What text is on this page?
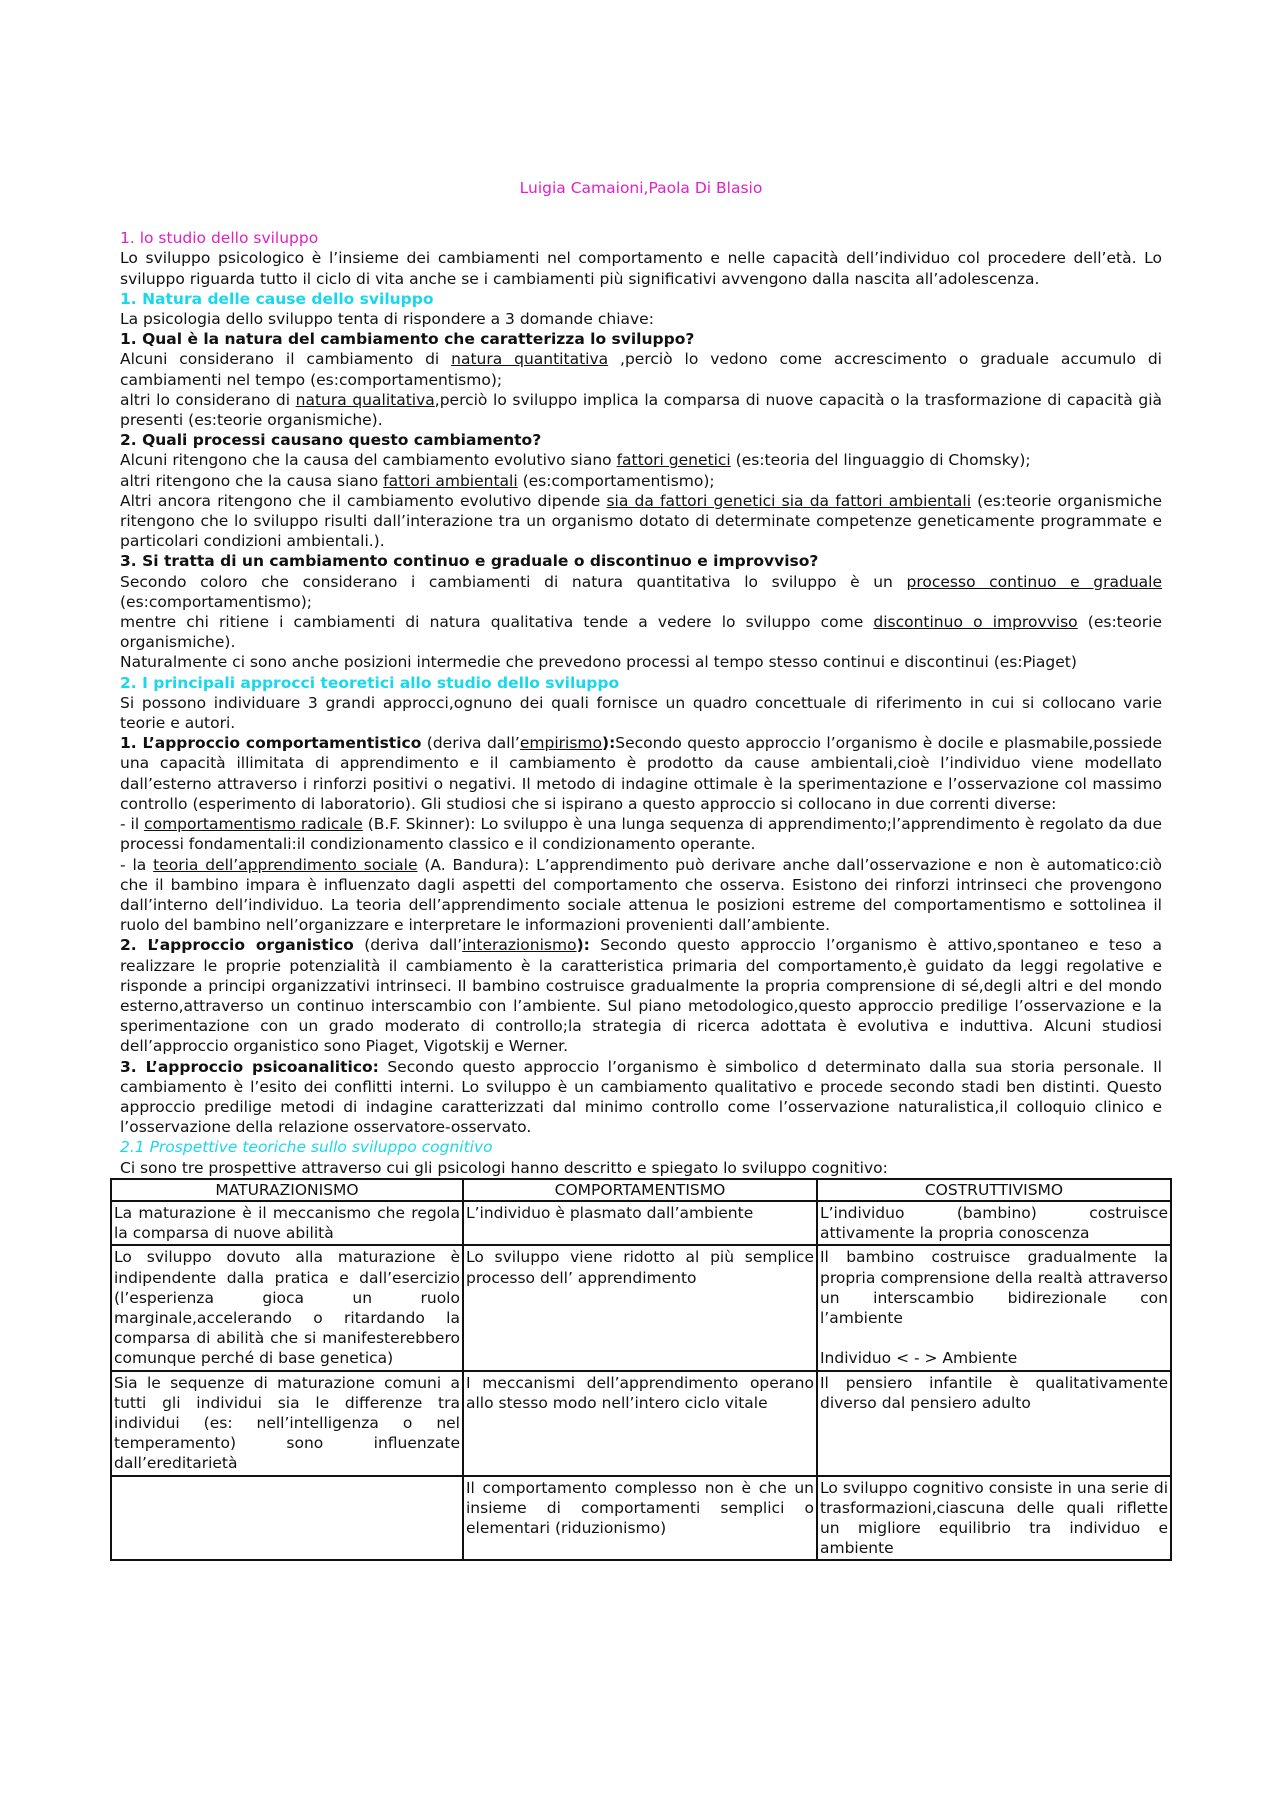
Luigia Camaioni,Paola Di Blasio
1. lo studio dello sviluppo

Lo sviluppo psicologico è l’insieme dei cambiamenti nel comportamento e nelle capacità dell’individuo col procedere dell’età. Lo sviluppo riguarda tutto il ciclo di vita anche se i cambiamenti più significativi avvengono dalla nascita all’adolescenza.

1. Natura delle cause dello sviluppo

La psicologia dello sviluppo tenta di rispondere a 3 domande chiave:

1. Qual è la natura del cambiamento che caratterizza lo sviluppo?

Alcuni considerano il cambiamento di natura quantitativa ,perciò lo vedono come accrescimento o graduale accumulo di cambiamenti nel tempo (es:comportamentismo);

altri lo considerano di natura qualitativa,perciò lo sviluppo implica la comparsa di nuove capacità o la trasformazione di capacità già presenti (es:teorie organismiche).

2. Quali processi causano questo cambiamento?

Alcuni ritengono che la causa del cambiamento evolutivo siano fattori genetici (es:teoria del linguaggio di Chomsky);

altri ritengono che la causa siano fattori ambientali (es:comportamentismo);

Altri ancora ritengono che il cambiamento evolutivo dipende sia da fattori genetici sia da fattori ambientali (es:teorie organismiche ritengono che lo sviluppo risulti dall’interazione tra un organismo dotato di determinate competenze geneticamente programmate e particolari condizioni ambientali.).

3. Si tratta di un cambiamento continuo e graduale o discontinuo e improvviso?

Secondo coloro che considerano i cambiamenti di natura quantitativa lo sviluppo è un processo continuo e graduale (es:comportamentismo);

mentre chi ritiene i cambiamenti di natura qualitativa tende a vedere lo sviluppo come discontinuo o improvviso (es:teorie organismiche).

Naturalmente ci sono anche posizioni intermedie che prevedono processi al tempo stesso continui e discontinui (es:Piaget)

2. I principali approcci teoretici allo studio dello sviluppo

Si possono individuare 3 grandi approcci,ognuno dei quali fornisce un quadro concettuale di riferimento in cui si collocano varie teorie e autori.

1. L’approccio comportamentistico (deriva dall’empirismo):Secondo questo approccio l’organismo è docile e plasmabile,possiede una capacità illimitata di apprendimento e il cambiamento è prodotto da cause ambientali,cioè l’individuo viene modellato dall’esterno attraverso i rinforzi positivi o negativi. Il metodo di indagine ottimale è la sperimentazione e l’osservazione col massimo controllo (esperimento di laboratorio). Gli studiosi che si ispirano a questo approccio si collocano in due correnti diverse:

- il comportamentismo radicale (B.F. Skinner): Lo sviluppo è una lunga sequenza di apprendimento;l’apprendimento è regolato da due processi fondamentali:il condizionamento classico e il condizionamento operante.

- la teoria dell’apprendimento sociale (A. Bandura): L’apprendimento può derivare anche dall’osservazione e non è automatico:ciò che il bambino impara è influenzato dagli aspetti del comportamento che osserva. Esistono dei rinforzi intrinseci che provengono dall’interno dell’individuo. La teoria dell’apprendimento sociale attenua le posizioni estreme del comportamentismo e sottolinea il ruolo del bambino nell’organizzare e interpretare le informazioni provenienti dall’ambiente.

2. L’approccio organistico (deriva dall’interazionismo): Secondo questo approccio l’organismo è attivo,spontaneo e teso a realizzare le proprie potenzialità il cambiamento è la caratteristica primaria del comportamento,è guidato da leggi regolative e risponde a principi organizzativi intrinseci. Il bambino costruisce gradualmente la propria comprensione di sé,degli altri e del mondo esterno,attraverso un continuo interscambio con l’ambiente. Sul piano metodologico,questo approccio predilige l’osservazione e la sperimentazione con un grado moderato di controllo;la strategia di ricerca adottata è evolutiva e induttiva. Alcuni studiosi dell’approccio organistico sono Piaget, Vigotskij e Werner.

3. L’approccio psicoanalitico: Secondo questo approccio l’organismo è simbolico d determinato dalla sua storia personale. Il cambiamento è l’esito dei conflitti interni. Lo sviluppo è un cambiamento qualitativo e procede secondo stadi ben distinti. Questo approccio predilige metodi di indagine caratterizzati dal minimo controllo come l’osservazione naturalistica,il colloquio clinico e l’osservazione della relazione osservatore-osservato.

2.1 Prospettive teoriche sullo sviluppo cognitivo

Ci sono tre prospettive attraverso cui gli psicologi hanno descritto e spiegato lo sviluppo cognitivo:

MATURAZIONISMO	COMPORTAMENTISMO	COSTRUTTIVISMO
La maturazione è il meccanismo che regola la comparsa di nuove abilità	L’individuo è plasmato dall’ambiente	L’individuo (bambino) costruisce attivamente la propria conoscenza
Lo sviluppo dovuto alla maturazione è indipendente dalla pratica e dall’esercizio (l’esperienza gioca un ruolo marginale,accelerando o ritardando la comparsa di abilità che si manifesterebbero comunque perché di base genetica)	Lo sviluppo viene ridotto al più semplice processo dell’ apprendimento	Il bambino costruisce gradualmente la propria comprensione della realtà attraverso un interscambio bidirezionale con l’ambiente
Individuo < - > Ambiente

Sia le sequenze di maturazione comuni a tutti gli individui sia le differenze tra individui (es: nell’intelligenza o nel temperamento) sono influenzate dall’ereditarietà	I meccanismi dell’apprendimento operano allo stesso modo nell’intero ciclo vitale	Il pensiero infantile è qualitativamente diverso dal pensiero adulto
	Il comportamento complesso non è che un insieme di comportamenti semplici o elementari (riduzionismo)	Lo sviluppo cognitivo consiste in una serie di trasformazioni,ciascuna delle quali riflette un migliore equilibrio tra individuo e ambiente
